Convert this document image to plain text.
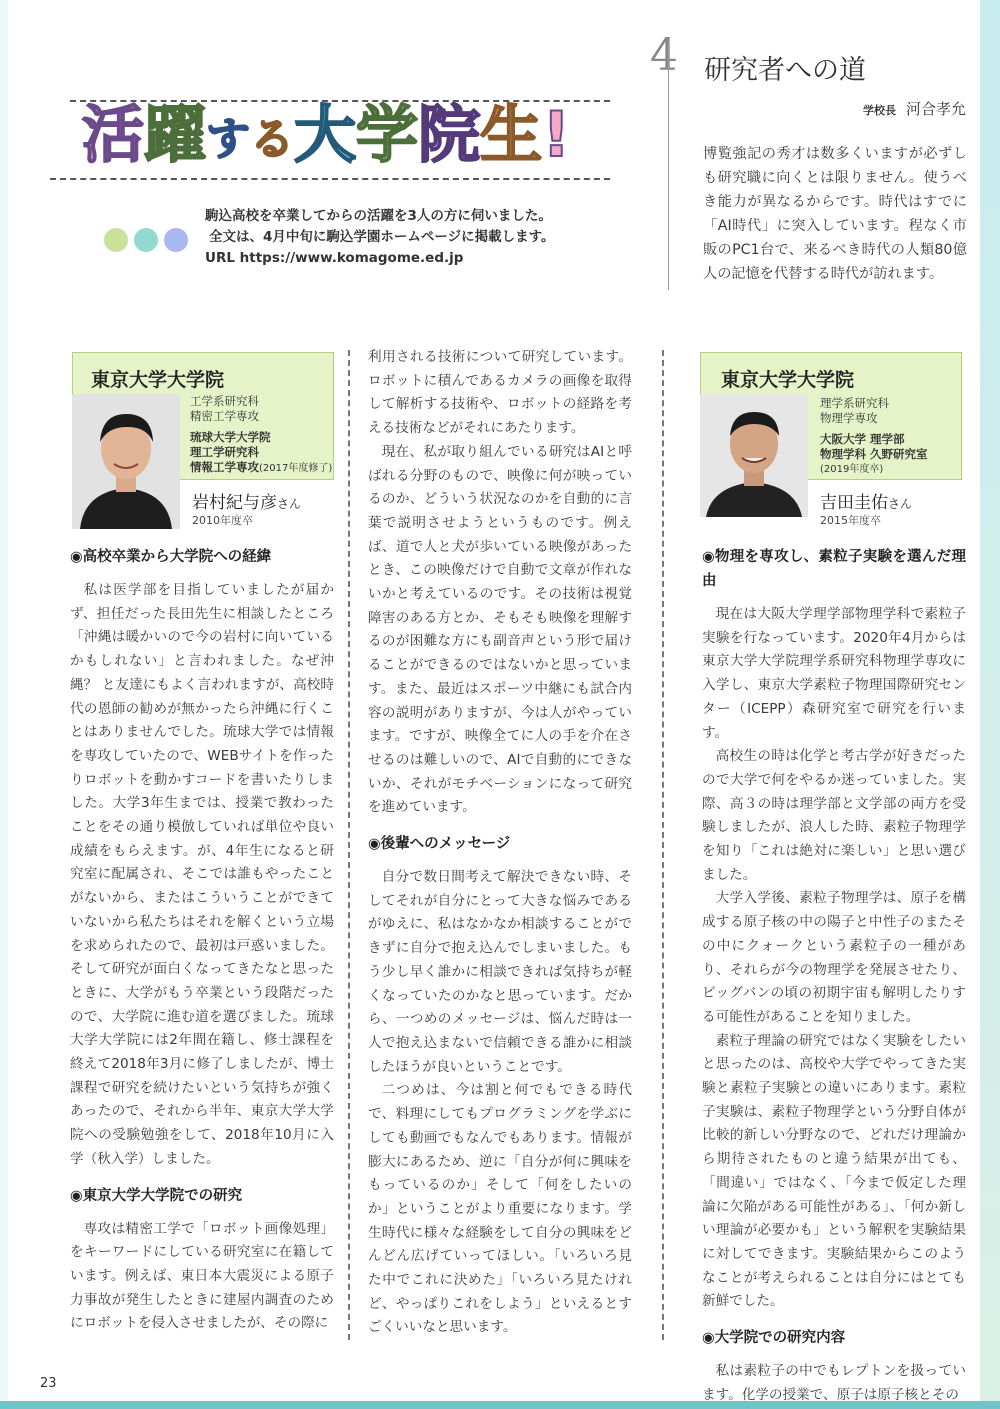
活 躍 す る 大 学 院 生 !
駒込高校を卒業してからの活躍を3人の方に伺いました。
全文は、4月中旬に駒込学園ホームページに掲載します。
URL https://www.komagome.ed.jp
4 研究者への道
学校長 河合孝允
博覧強記の秀才は数多くいますが必ずしも研究職に向くとは限りません。使うべき能力が異なるからです。時代はすでに「AI時代」に突入しています。程なく市販のPC1台で、来るべき時代の人類80億人の記憶を代替する時代が訪れます。
東京大学大学院
工学系研究科
精密工学専攻
琉球大学大学院
理工学研究科
情報工学専攻(2017年度修了)
岩村紀与彦さん
2010年度卒
東京大学大学院
理学系研究科
物理学専攻
大阪大学 理学部
物理学科 久野研究室
(2019年度卒)
吉田圭佑さん
2015年度卒
◉高校卒業から大学院への経緯

私は医学部を目指していましたが届かず、担任だった長田先生に相談したところ「沖縄は暖かいので今の岩村に向いているかもしれない」と言われました。なぜ沖縄？ と友達にもよく言われますが、高校時代の恩師の勧めが無かったら沖縄に行くことはありませんでした。琉球大学では情報を専攻していたので、WEBサイトを作ったりロボットを動かすコードを書いたりしました。大学3年生までは、授業で教わったことをその通り模倣していれば単位や良い成績をもらえます。が、4年生になると研究室に配属され、そこでは誰もやったことがないから、またはこういうことができていないから私たちはそれを解くという立場を求められたので、最初は戸惑いました。そして研究が面白くなってきたなと思ったときに、大学がもう卒業という段階だったので、大学院に進む道を選びました。琉球大学大学院には2年間在籍し、修士課程を終えて2018年3月に修了しましたが、博士課程で研究を続けたいという気持ちが強くあったので、それから半年、東京大学大学院への受験勉強をして、2018年10月に入学（秋入学）しました。

◉東京大学大学院での研究

専攻は精密工学で「ロボット画像処理」をキーワードにしている研究室に在籍しています。例えば、東日本大震災による原子力事故が発生したときに建屋内調査のためにロボットを侵入させましたが、その際に

利用される技術について研究しています。ロボットに積んであるカメラの画像を取得して解析する技術や、ロボットの経路を考える技術などがそれにあたります。

現在、私が取り組んでいる研究はAIと呼ばれる分野のもので、映像に何が映っているのか、どういう状況なのかを自動的に言葉で説明させようというものです。例えば、道で人と犬が歩いている映像があったとき、この映像だけで自動で文章が作れないかと考えているのです。その技術は視覚障害のある方とか、そもそも映像を理解するのが困難な方にも副音声という形で届けることができるのではないかと思っています。また、最近はスポーツ中継にも試合内容の説明がありますが、今は人がやっています。ですが、映像全てに人の手を介在させるのは難しいので、AIで自動的にできないか、それがモチベーションになって研究を進めています。

◉後輩へのメッセージ

自分で数日間考えて解決できない時、そしてそれが自分にとって大きな悩みであるがゆえに、私はなかなか相談することができずに自分で抱え込んでしまいました。もう少し早く誰かに相談できれば気持ちが軽くなっていたのかなと思っています。だから、一つめのメッセージは、悩んだ時は一人で抱え込まないで信頼できる誰かに相談したほうが良いということです。

二つめは、今は割と何でもできる時代で、料理にしてもプログラミングを学ぶにしても動画でもなんでもあります。情報が膨大にあるため、逆に「自分が何に興味をもっているのか」そして「何をしたいのか」ということがより重要になります。学生時代に様々な経験をして自分の興味をどんどん広げていってほしい。「いろいろ見た中でこれに決めた」「いろいろ見たけれど、やっぱりこれをしよう」といえるとすごくいいなと思います。

◉物理を専攻し、素粒子実験を選んだ理由

現在は大阪大学理学部物理学科で素粒子実験を行なっています。2020年4月からは東京大学大学院理学系研究科物理学専攻に入学し、東京大学素粒子物理国際研究センター（ICEPP）森研究室で研究を行います。

高校生の時は化学と考古学が好きだったので大学で何をやるか迷っていました。実際、高３の時は理学部と文学部の両方を受験しましたが、浪人した時、素粒子物理学を知り「これは絶対に楽しい」と思い選びました。

大学入学後、素粒子物理学は、原子を構成する原子核の中の陽子と中性子のまたその中にクォークという素粒子の一種があり、それらが今の物理学を発展させたり、ビッグバンの頃の初期宇宙も解明したりする可能性があることを知りました。

素粒子理論の研究ではなく実験をしたいと思ったのは、高校や大学でやってきた実験と素粒子実験との違いにあります。素粒子実験は、素粒子物理学という分野自体が比較的新しい分野なので、どれだけ理論から期待されたものと違う結果が出ても、「間違い」ではなく、「今まで仮定した理論に欠陥がある可能性がある」、「何か新しい理論が必要かも」という解釈を実験結果に対してできます。実験結果からこのようなことが考えられることは自分にはとても新鮮でした。

◉大学院での研究内容

私は素粒子の中でもレプトンを扱っています。化学の授業で、原子は原子核とその

23
